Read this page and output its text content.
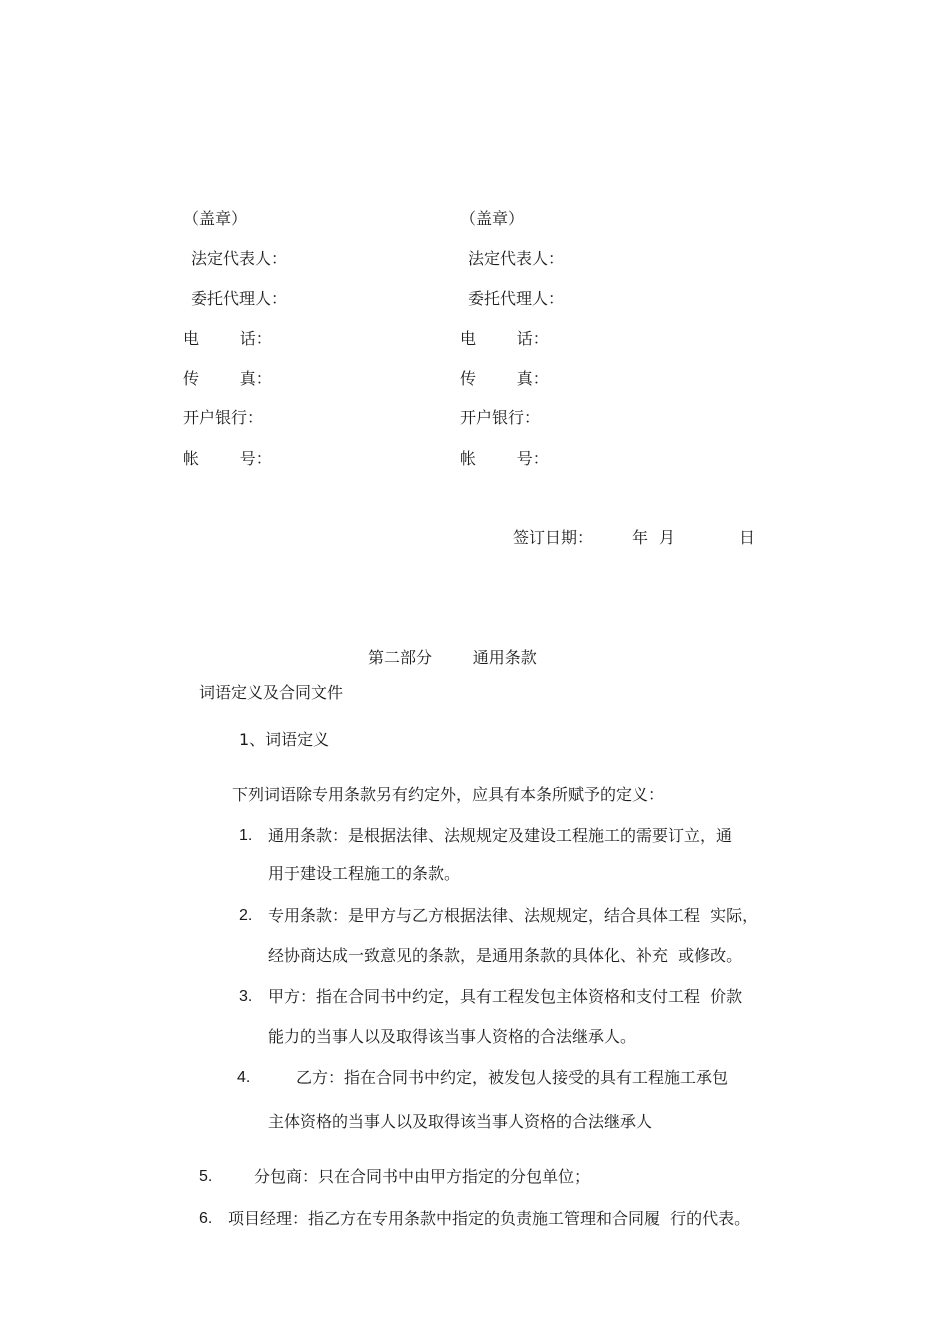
（盖章）
法定代表人：
委托代理人：
电        话：
传        真：
开户银行：
帐        号：
（盖章）
法定代表人：
委托代理人：
电        话：
传        真：
开户银行：
帐        号：
签订日期： 年 月	日
第二部分        通用条款
词语定义及合同文件
1、词语定义
下列词语除专用条款另有约定外，应具有本条所赋予的定义：
1. 通用条款：是根据法律、法规规定及建设工程施工的需要订立，通
用于建设工程施工的条款。
2. 专用条款：是甲方与乙方根据法律、法规规定，结合具体工程  实际，
经协商达成一致意见的条款，是通用条款的具体化、补充  或修改。
3. 甲方：指在合同书中约定，具有工程发包主体资格和支付工程  价款
能力的当事人以及取得该当事人资格的合法继承人。
4.	乙方：指在合同书中约定，被发包人接受的具有工程施工承包
主体资格的当事人以及取得该当事人资格的合法继承人
5.	分包商：只在合同书中由甲方指定的分包单位；
6. 项目经理：指乙方在专用条款中指定的负责施工管理和合同履  行的代表。
